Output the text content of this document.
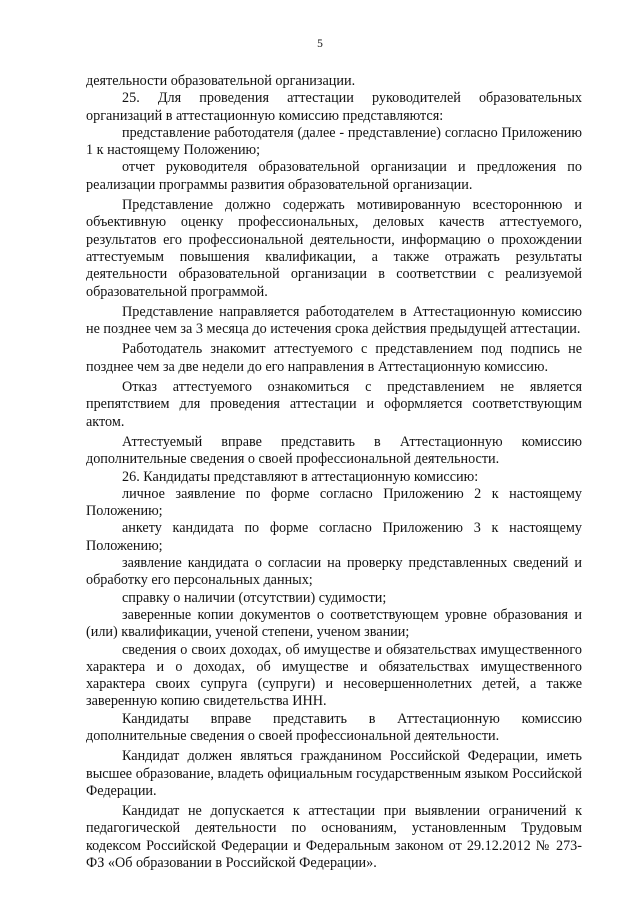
5

деятельности образовательной организации.

25. Для проведения аттестации руководителей образовательных организаций в аттестационную комиссию представляются:

представление работодателя (далее - представление) согласно Приложению 1 к настоящему Положению;

отчет руководителя образовательной организации и предложения по реализации программы развития образовательной организации.

Представление должно содержать мотивированную всестороннюю и объективную оценку профессиональных, деловых качеств аттестуемого, результатов его профессиональной деятельности, информацию о прохождении аттестуемым повышения квалификации, а также отражать результаты деятельности образовательной организации в соответствии с реализуемой образовательной программой.

Представление направляется работодателем в Аттестационную комиссию не позднее чем за 3 месяца до истечения срока действия предыдущей аттестации.

Работодатель знакомит аттестуемого с представлением под подпись не позднее чем за две недели до его направления в Аттестационную комиссию.

Отказ аттестуемого ознакомиться с представлением не является препятствием для проведения аттестации и оформляется соответствующим актом.

Аттестуемый вправе представить в Аттестационную комиссию дополнительные сведения о своей профессиональной деятельности.

26. Кандидаты представляют в аттестационную комиссию:

личное заявление по форме согласно Приложению 2 к настоящему Положению;

анкету кандидата по форме согласно Приложению 3 к настоящему Положению;

заявление кандидата о согласии на проверку представленных сведений и обработку его персональных данных;

справку о наличии (отсутствии) судимости;

заверенные копии документов о соответствующем уровне образования и (или) квалификации, ученой степени, ученом звании;

сведения о своих доходах, об имуществе и обязательствах имущественного характера и о доходах, об имуществе и обязательствах имущественного характера своих супруга (супруги) и несовершеннолетних детей, а также заверенную копию свидетельства ИНН.

Кандидаты вправе представить в Аттестационную комиссию дополнительные сведения о своей профессиональной деятельности.

Кандидат должен являться гражданином Российской Федерации, иметь высшее образование, владеть официальным государственным языком Российской Федерации.

Кандидат не допускается к аттестации при выявлении ограничений к педагогической деятельности по основаниям, установленным Трудовым кодексом Российской Федерации и Федеральным законом от 29.12.2012 № 273-ФЗ «Об образовании в Российской Федерации».
